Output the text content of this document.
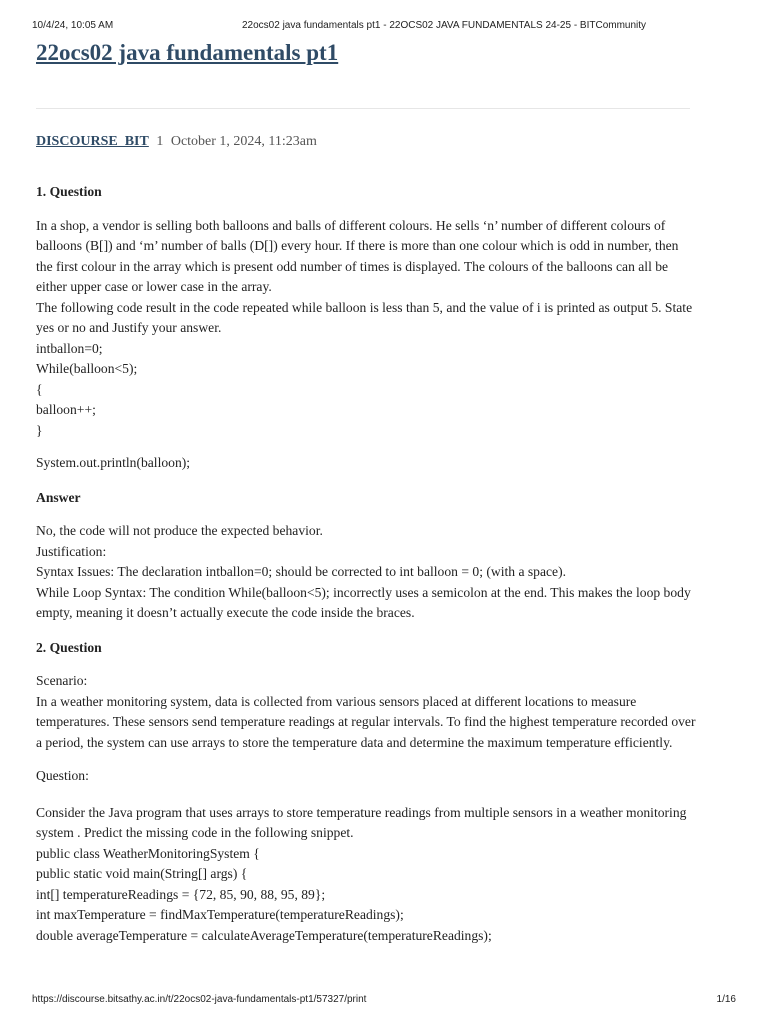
10/4/24, 10:05 AM	22ocs02 java fundamentals pt1 - 22OCS02 JAVA FUNDAMENTALS 24-25 - BITCommunity
22ocs02 java fundamentals pt1
DISCOURSE_BIT 1 October 1, 2024, 11:23am

1. Question

In a shop, a vendor is selling both balloons and balls of different colours. He sells ‘n’ number of different colours of balloons (B[]) and ‘m’ number of balls (D[]) every hour. If there is more than one colour which is odd in number, then the first colour in the array which is present odd number of times is displayed. The colours of the balloons can all be either upper case or lower case in the array.

The following code result in the code repeated while balloon is less than 5, and the value of i is printed as output 5. State yes or no and Justify your answer.

intballon=0;
While(balloon<5);
{
balloon++;
}

System.out.println(balloon);

Answer

No, the code will not produce the expected behavior.

Justification:

Syntax Issues: The declaration intballon=0; should be corrected to int balloon = 0; (with a space).

While Loop Syntax: The condition While(balloon<5); incorrectly uses a semicolon at the end. This makes the loop body empty, meaning it doesn’t actually execute the code inside the braces.

2. Question

Scenario:

In a weather monitoring system, data is collected from various sensors placed at different locations to measure temperatures. These sensors send temperature readings at regular intervals. To find the highest temperature recorded over a period, the system can use arrays to store the temperature data and determine the maximum temperature efficiently.

Question:

Consider the Java program that uses arrays to store temperature readings from multiple sensors in a weather monitoring system . Predict the missing code in the following snippet.

public class WeatherMonitoringSystem {
public static void main(String[] args) {
int[] temperatureReadings = {72, 85, 90, 88, 95, 89};
int maxTemperature = findMaxTemperature(temperatureReadings);
double averageTemperature = calculateAverageTemperature(temperatureReadings);
https://discourse.bitsathy.ac.in/t/22ocs02-java-fundamentals-pt1/57327/print	1/16
